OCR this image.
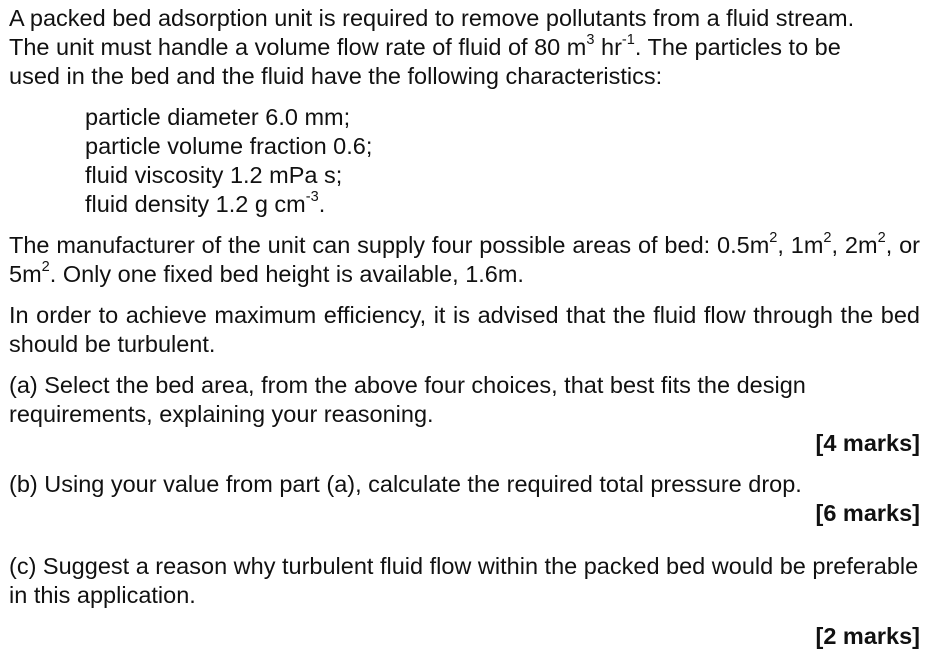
A packed bed adsorption unit is required to remove pollutants from a fluid stream.
The unit must handle a volume flow rate of fluid of 80 $m^3$ $hr^{-1}$. The particles to be
used in the bed and the fluid have the following characteristics:
particle diameter 6.0 mm;
particle volume fraction 0.6;
fluid viscosity 1.2 mPa s;
fluid density 1.2 g $cm^{-3}$.
The manufacturer of the unit can supply four possible areas of bed: $0.5m^2$, $1m^2$, $2m^2$, or $5m^2$. Only one fixed bed height is available, 1.6m.

In order to achieve maximum efficiency, it is advised that the fluid flow through the bed should be turbulent.

(a) Select the bed area, from the above four choices, that best fits the design requirements, explaining your reasoning.

[4 marks]

(b) Using your value from part (a), calculate the required total pressure drop.

[6 marks]

(c) Suggest a reason why turbulent fluid flow within the packed bed would be preferable in this application.

[2 marks]
